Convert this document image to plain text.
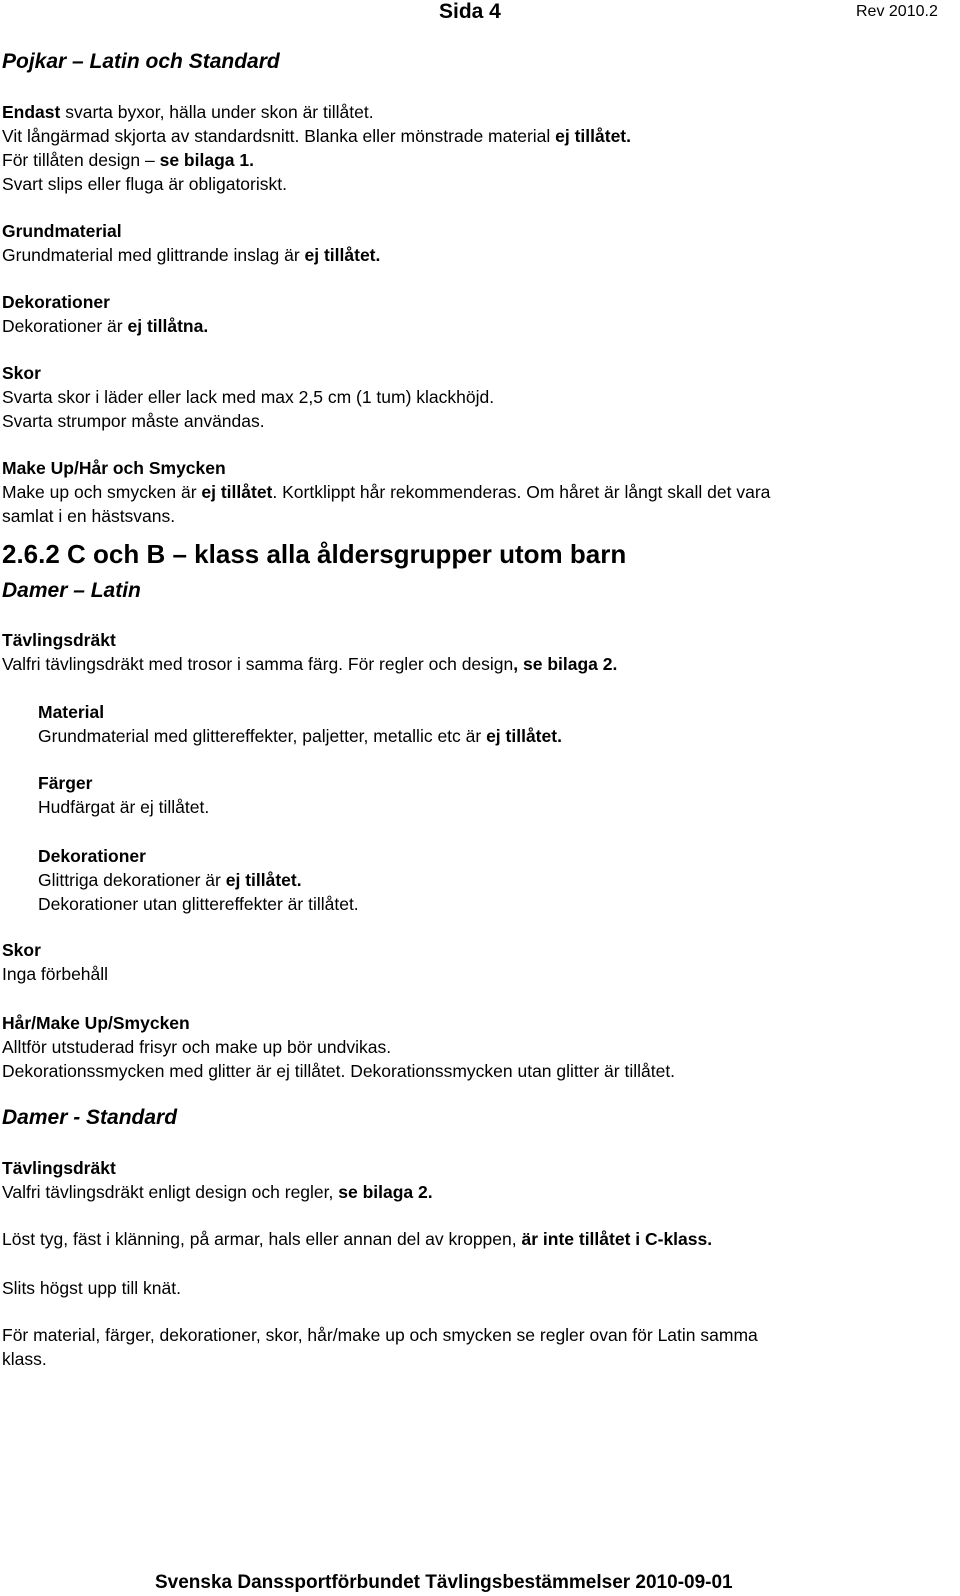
Sida 4	Rev 2010.2
Pojkar – Latin och Standard
Endast svarta byxor, hälla under skon är tillåtet.
Vit långärmad skjorta av standardsnitt. Blanka eller mönstrade material ej tillåtet.
För tillåten design – se bilaga 1.
Svart slips eller fluga är obligatoriskt.
Grundmaterial
Grundmaterial med glittrande inslag är ej tillåtet.
Dekorationer
Dekorationer är ej tillåtna.
Skor
Svarta skor i läder eller lack med max 2,5 cm (1 tum) klackhöjd.
Svarta strumpor måste användas.
Make Up/Hår och Smycken
Make up och smycken är ej tillåtet. Kortklippt hår rekommenderas. Om håret är långt skall det vara
samlat i en hästsvans.
2.6.2 C och B – klass alla åldersgrupper utom barn
Damer – Latin
Tävlingsdräkt
Valfri tävlingsdräkt med trosor i samma färg. För regler och design, se bilaga 2.
Material
Grundmaterial med glittereffekter, paljetter, metallic etc är ej tillåtet.
Färger
Hudfärgat är ej tillåtet.
Dekorationer
Glittriga dekorationer är ej tillåtet.
Dekorationer utan glittereffekter är tillåtet.
Skor
Inga förbehåll
Hår/Make Up/Smycken
Alltför utstuderad frisyr och make up bör undvikas.
Dekorationssmycken med glitter är ej tillåtet. Dekorationssmycken utan glitter är tillåtet.
Damer - Standard
Tävlingsdräkt
Valfri tävlingsdräkt enligt design och regler, se bilaga 2.
Löst tyg, fäst i klänning, på armar, hals eller annan del av kroppen, är inte tillåtet i C-klass.
Slits högst upp till knät.
För material, färger, dekorationer, skor, hår/make up och smycken se regler ovan för Latin samma
klass.
Svenska Danssportförbundet Tävlingsbestämmelser 2010-09-01
